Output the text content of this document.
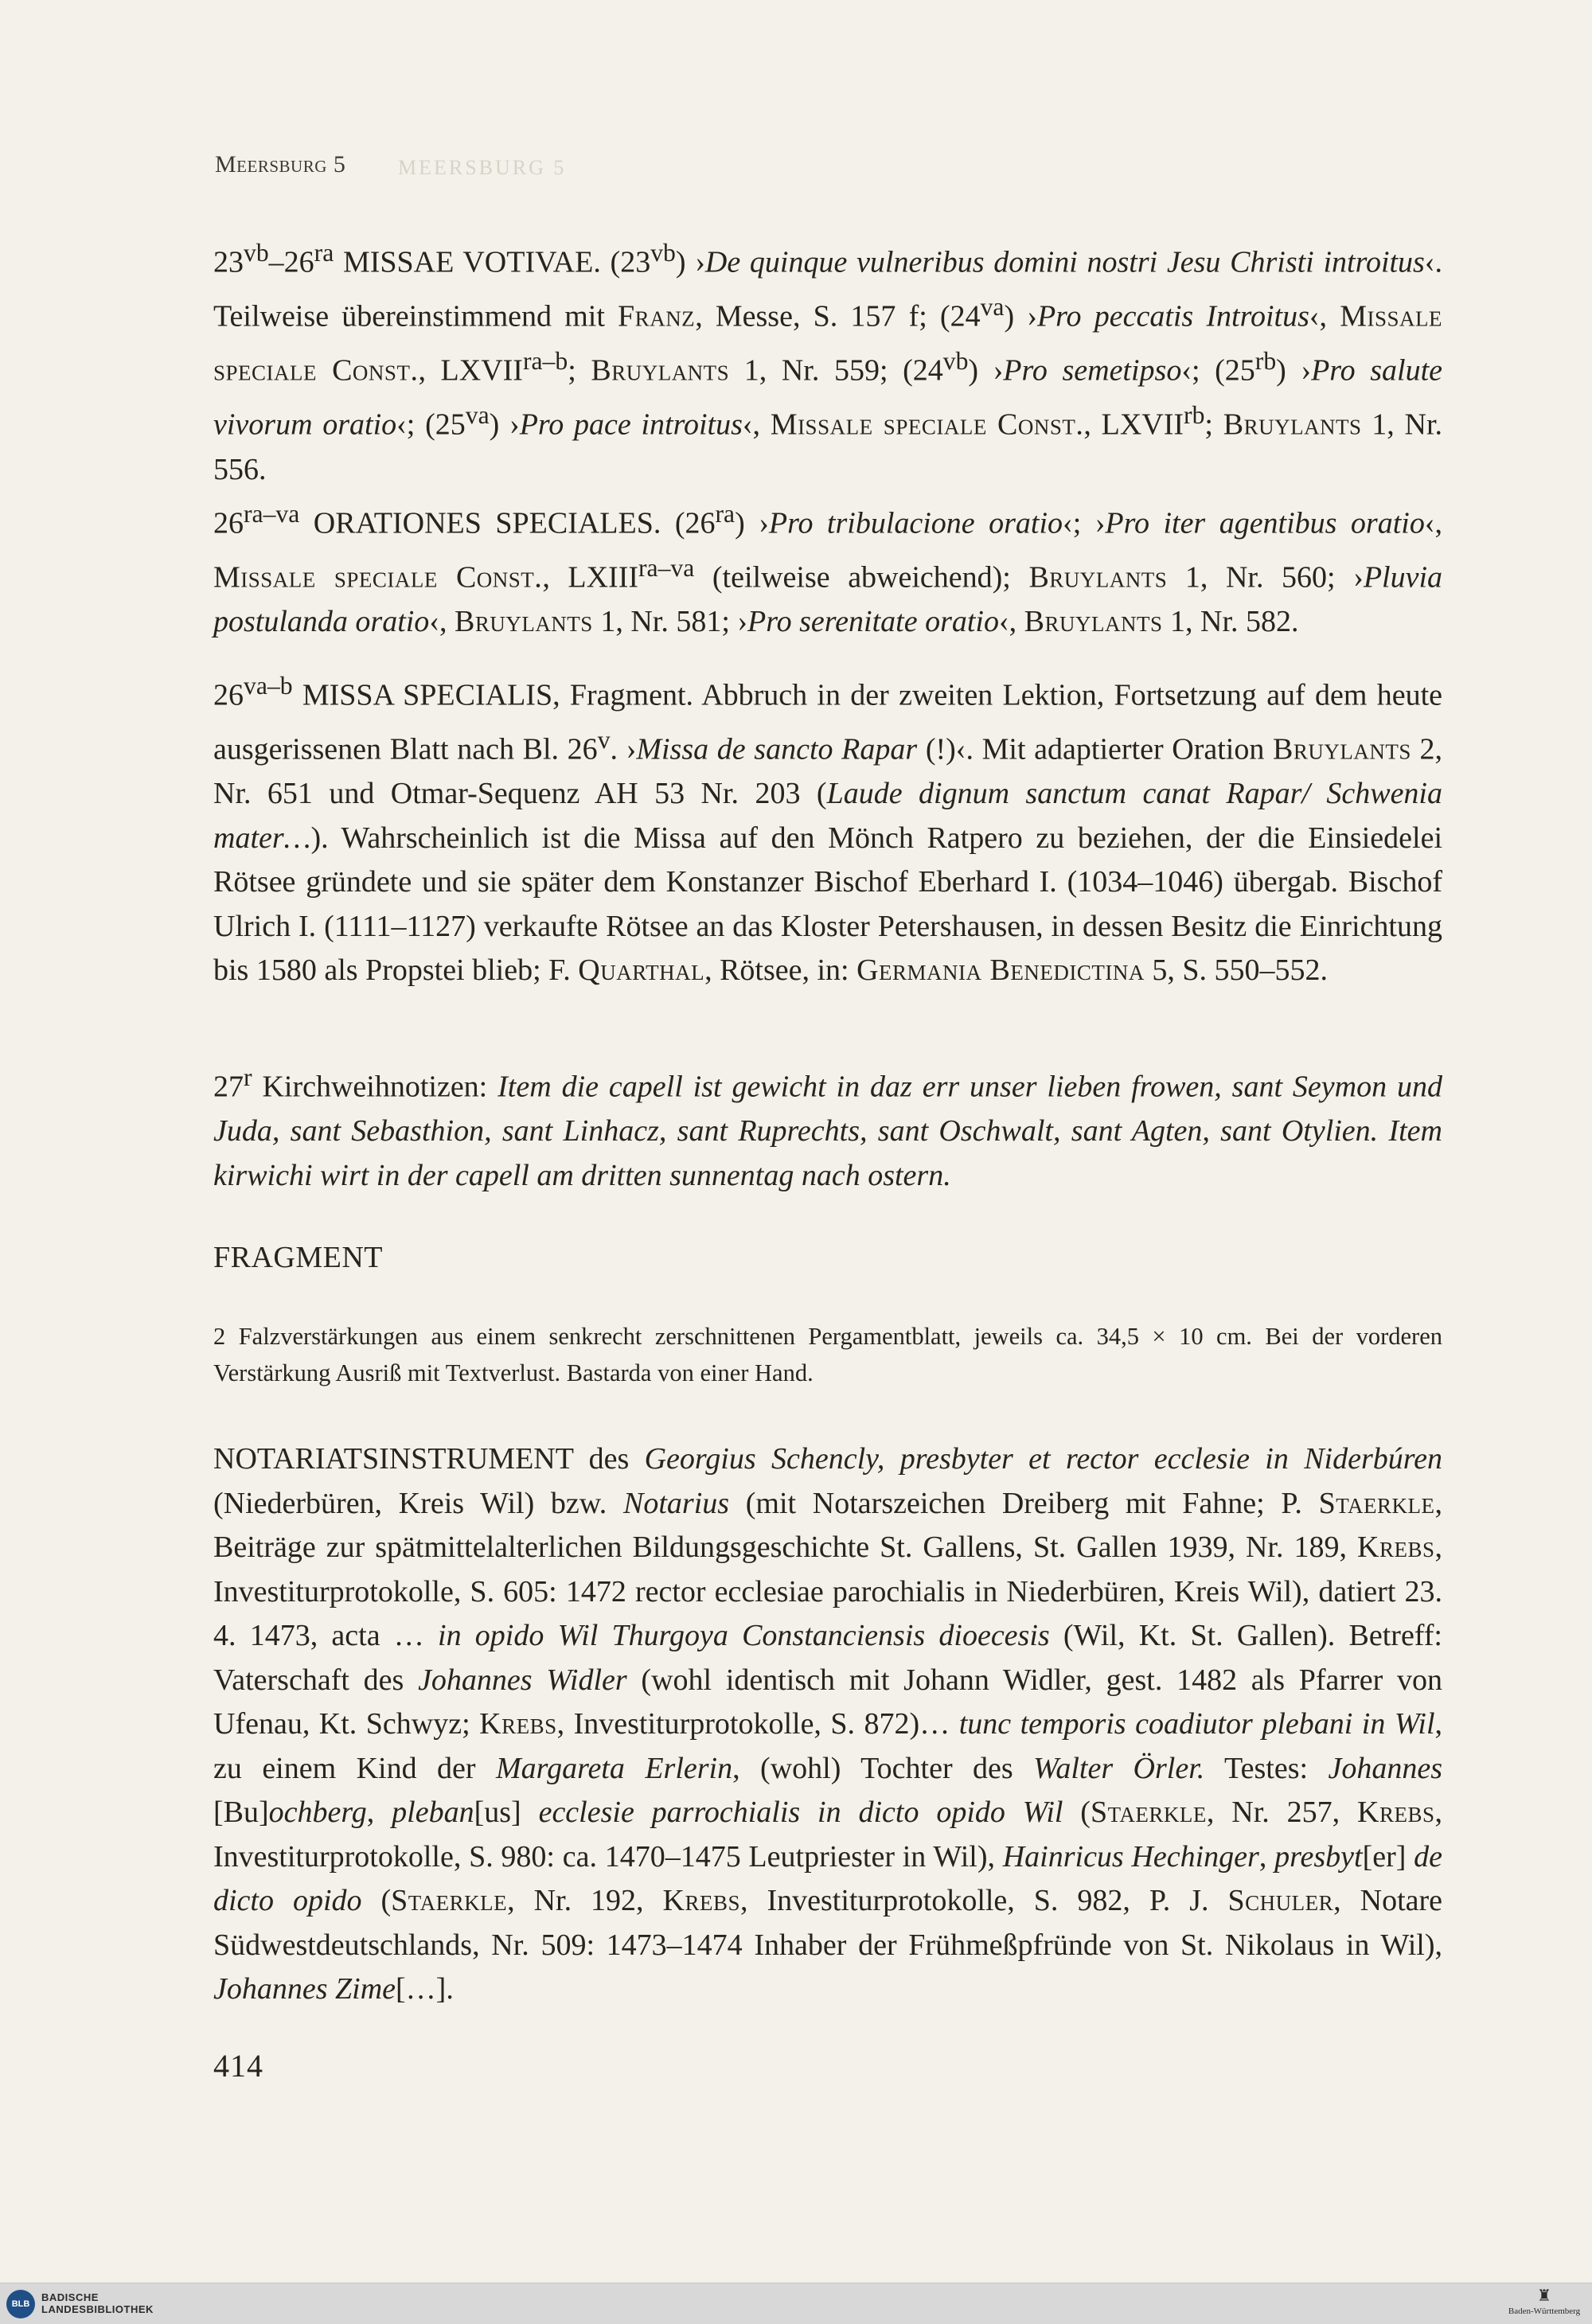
Meersburg 5	MEERSBURG 5

$23^{vb}-26^{ra}$ MISSAE VOTIVAE. $(23^{vb})$ ›De quinque vulneribus domini nostri Jesu Christi introitus‹. Teilweise übereinstimmend mit Franz, Messe, S. 157 f; $(24^{va})$ ›Pro peccatis Introitus‹, Missale speciale Const., $LXVII^{ra-b}$; Bruylants 1, Nr. 559; $(24^{vb})$ ›Pro semetipso‹; $(25^{rb})$ ›Pro salute vivorum oratio‹; $(25^{va})$ ›Pro pace introitus‹, Missale speciale Const., $LXVII^{rb}$; Bruylants 1, Nr. 556.

$26^{ra-va}$ ORATIONES SPECIALES. $(26^{ra})$ ›Pro tribulacione oratio‹; ›Pro iter agentibus oratio‹, Missale speciale Const., $LXIII^{ra-va}$ (teilweise abweichend); Bruylants 1, Nr. 560; ›Pluvia postulanda oratio‹, Bruylants 1, Nr. 581; ›Pro serenitate oratio‹, Bruylants 1, Nr. 582.

$26^{va-b}$ MISSA SPECIALIS, Fragment. Abbruch in der zweiten Lektion, Fortsetzung auf dem heute ausgerissenen Blatt nach Bl. 26$^v$. ›Missa de sancto Rapar (!)‹. Mit adaptierter Oration Bruylants 2, Nr. 651 und Otmar-Sequenz AH 53 Nr. 203 (Laude dignum sanctum canat Rapar/ Schwenia mater…). Wahrscheinlich ist die Missa auf den Mönch Ratpero zu beziehen, der die Einsiedelei Rötsee gründete und sie später dem Konstanzer Bischof Eberhard I. (1034–1046) übergab. Bischof Ulrich I. (1111–1127) verkaufte Rötsee an das Kloster Petershausen, in dessen Besitz die Einrichtung bis 1580 als Propstei blieb; F. Quarthal, Rötsee, in: Germania Benedictina 5, S. 550–552.

27$^r$ Kirchweihnotizen: Item die capell ist gewicht in daz err unser lieben frowen, sant Seymon und Juda, sant Sebasthion, sant Linhacz, sant Ruprechts, sant Oschwalt, sant Agten, sant Otylien. Item kirwichi wirt in der capell am dritten sunnentag nach ostern.

FRAGMENT
2 Falzverstärkungen aus einem senkrecht zerschnittenen Pergamentblatt, jeweils ca. 34,5 × 10 cm. Bei der vorderen Verstärkung Ausriß mit Textverlust. Bastarda von einer Hand.

NOTARIATSINSTRUMENT des Georgius Schencly, presbyter et rector ecclesie in Niderbúren (Niederbüren, Kreis Wil) bzw. Notarius (mit Notarszeichen Dreiberg mit Fahne; P. Staerkle, Beiträge zur spätmittelalterlichen Bildungsgeschichte St. Gallens, St. Gallen 1939, Nr. 189, Krebs, Investiturprotokolle, S. 605: 1472 rector ecclesiae parochialis in Niederbüren, Kreis Wil), datiert 23. 4. 1473, acta … in opido Wil Thurgoya Constanciensis dioecesis (Wil, Kt. St. Gallen). Betreff: Vaterschaft des Johannes Widler (wohl identisch mit Johann Widler, gest. 1482 als Pfarrer von Ufenau, Kt. Schwyz; Krebs, Investiturprotokolle, S. 872)… tunc temporis coadiutor plebani in Wil, zu einem Kind der Margareta Erlerin, (wohl) Tochter des Walter Örler. Testes: Johannes [Bu]ochberg, pleban[us] ecclesie parrochialis in dicto opido Wil (Staerkle, Nr. 257, Krebs, Investiturprotokolle, S. 980: ca. 1470–1475 Leutpriester in Wil), Hainricus Hechinger, presbyt[er] de dicto opido (Staerkle, Nr. 192, Krebs, Investiturprotokolle, S. 982, P. J. Schuler, Notare Südwestdeutschlands, Nr. 509: 1473–1474 Inhaber der Frühmeßpfründe von St. Nikolaus in Wil), Johannes Zime[…].

414
BLB
BADISCHE
LANDESBIBLIOTHEK
♜
Baden-Württemberg
